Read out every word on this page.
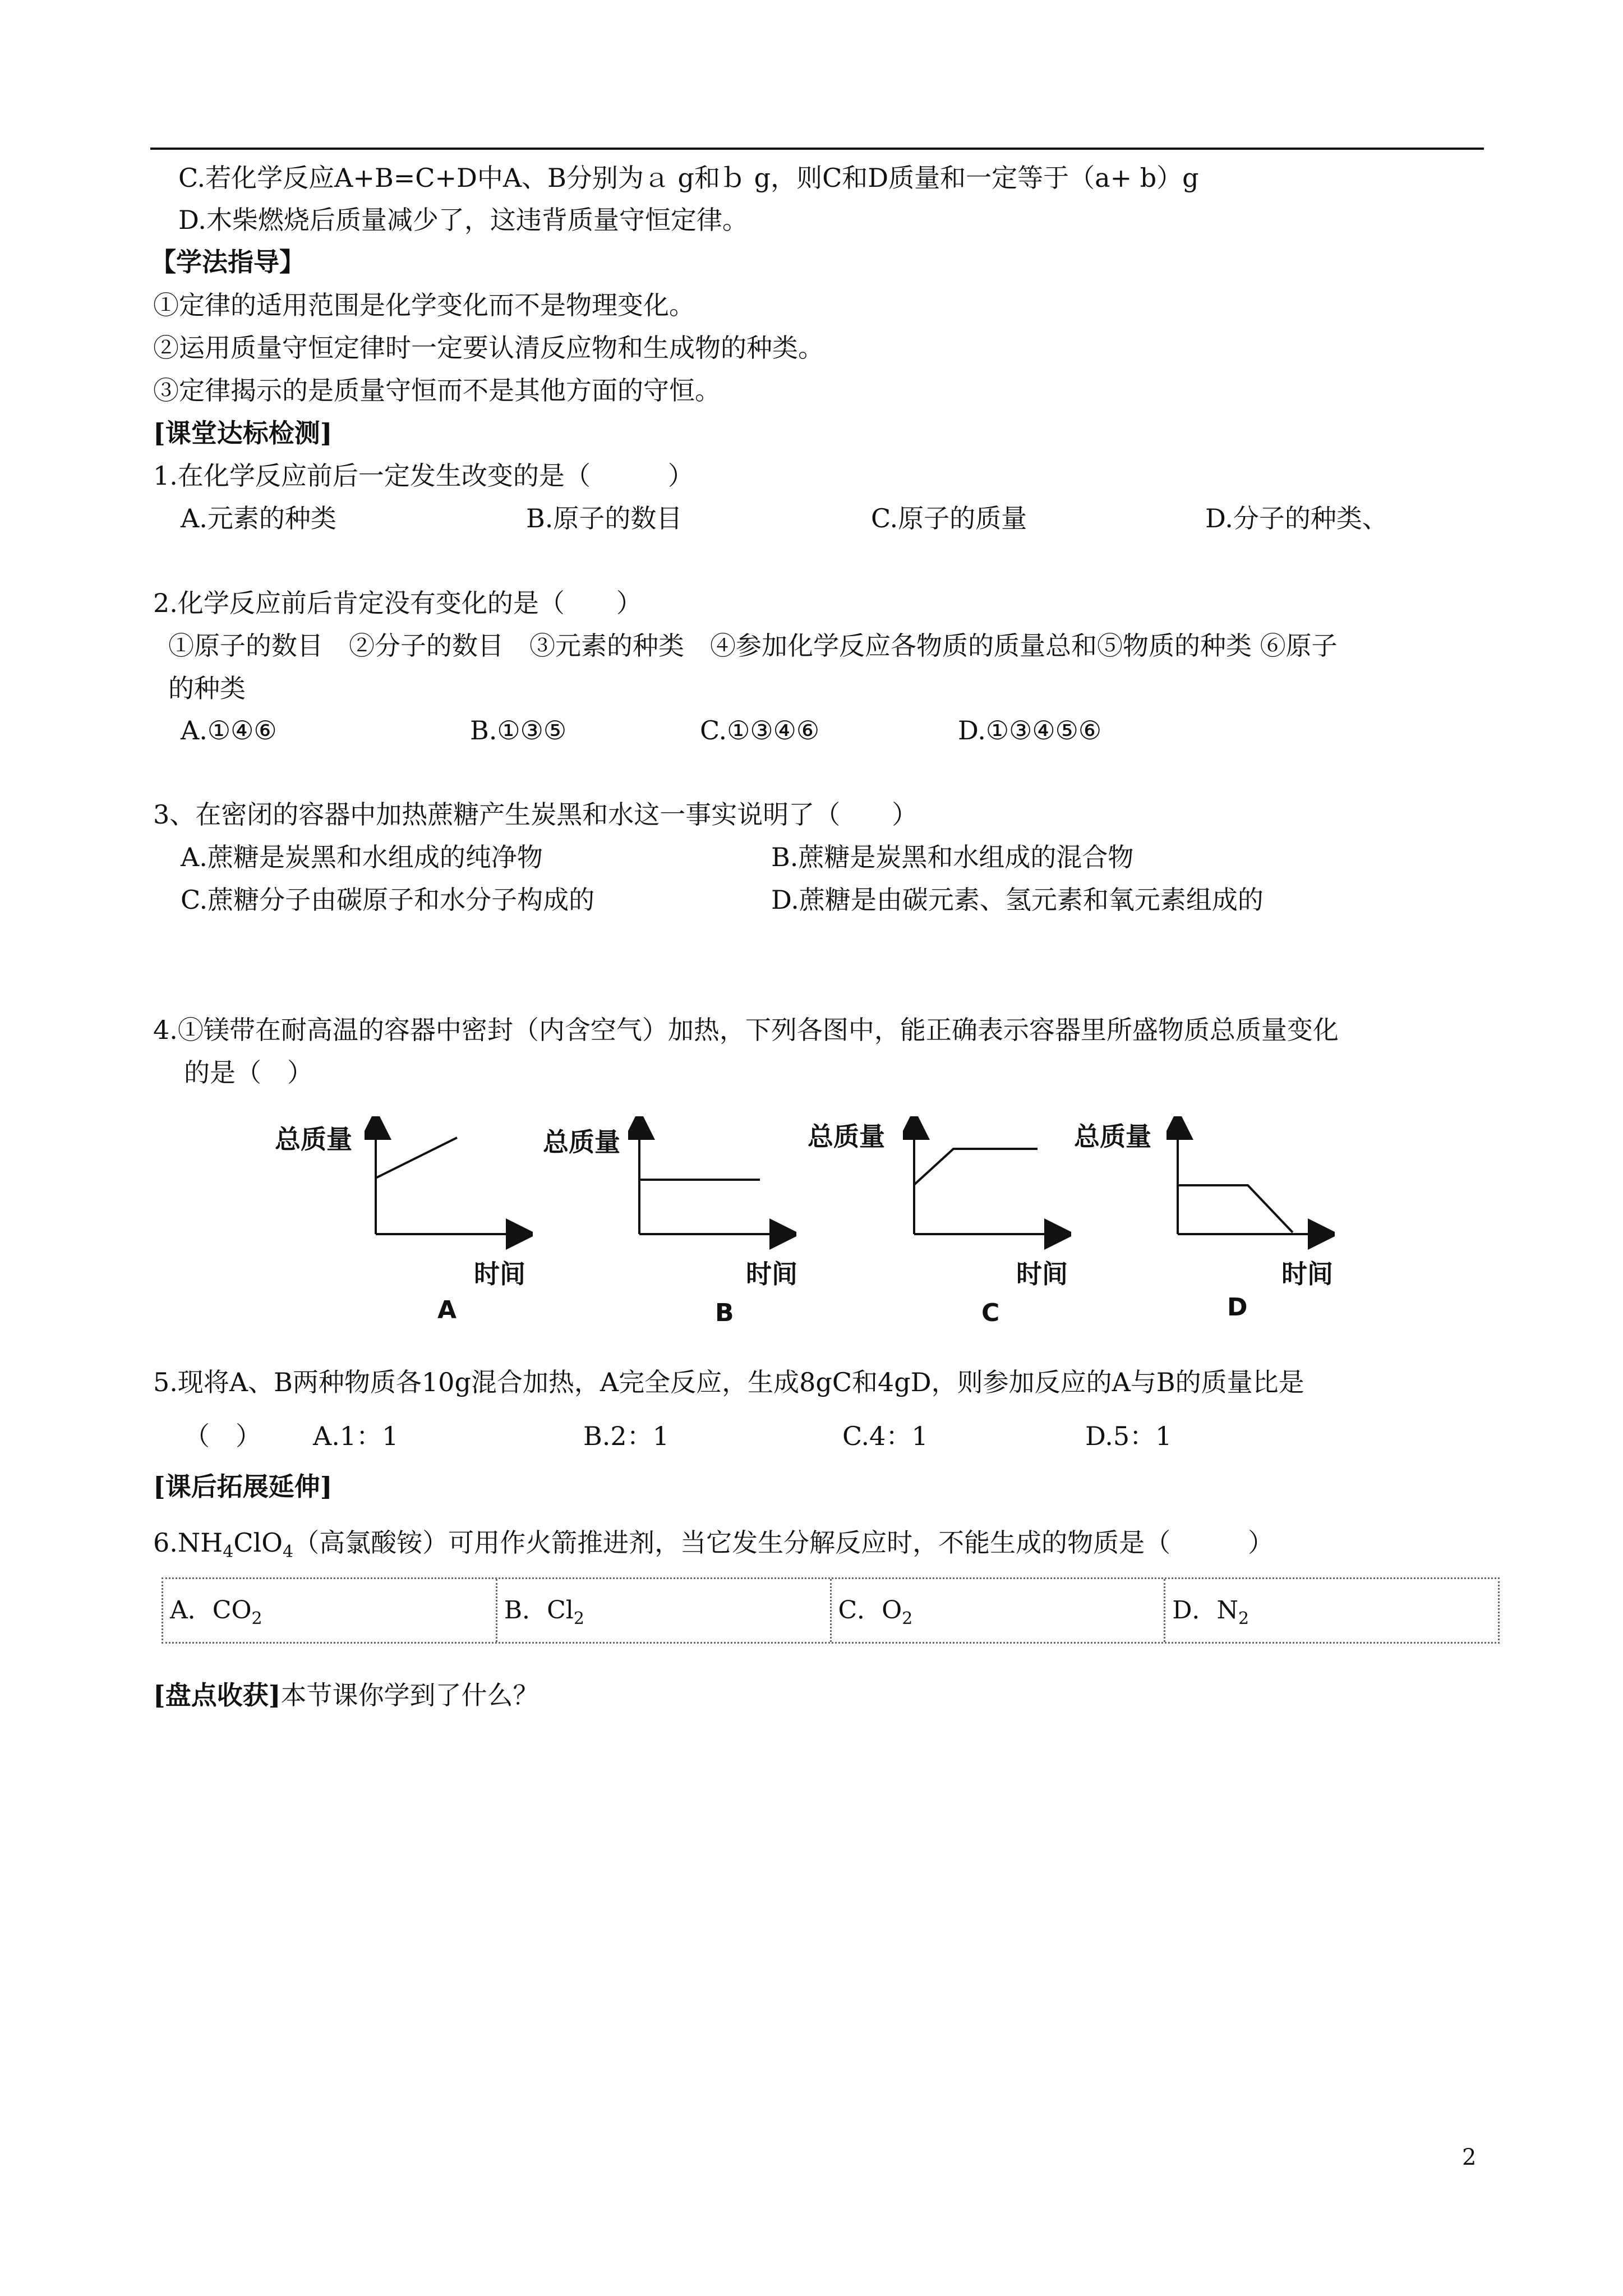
C.若化学反应A+B=C+D中A、B分别为ａ g和ｂ g，则C和D质量和一定等于（a+ b）g
D.木柴燃烧后质量减少了，这违背质量守恒定律。
【学法指导】
①定律的适用范围是化学变化而不是物理变化。
②运用质量守恒定律时一定要认清反应物和生成物的种类。
③定律揭示的是质量守恒而不是其他方面的守恒。
[课堂达标检测]
1.在化学反应前后一定发生改变的是（　　　）
A.元素的种类	B.原子的数目	C.原子的质量	D.分子的种类、
2.化学反应前后肯定没有变化的是（　　）
①原子的数目　②分子的数目　③元素的种类　④参加化学反应各物质的质量总和⑤物质的种类 ⑥原子
的种类
A.①④⑥	B.①③⑤	C.①③④⑥	D.①③④⑤⑥
3、在密闭的容器中加热蔗糖产生炭黑和水这一事实说明了（　　）
A.蔗糖是炭黑和水组成的纯净物	B.蔗糖是炭黑和水组成的混合物
C.蔗糖分子由碳原子和水分子构成的	D.蔗糖是由碳元素、氢元素和氧元素组成的
4.①镁带在耐高温的容器中密封（内含空气）加热，下列各图中，能正确表示容器里所盛物质总质量变化
的是（　）
总质量
时间
A
总质量
时间
B
总质量
时间
C
总质量
时间
D
5.现将A、B两种物质各10g混合加热，A完全反应，生成8gC和4gD，则参加反应的A与B的质量比是
（　） A.1：1	B.2：1	C.4：1	D.5：1
[课后拓展延伸]
$6.NH_4ClO_4$（高氯酸铵）可用作火箭推进剂，当它发生分解反应时，不能生成的物质是（　　　）
A．$CO_2$	B．$Cl_2$	C．$O_2$	D．$N_2$
[盘点收获]本节课你学到了什么？
2
